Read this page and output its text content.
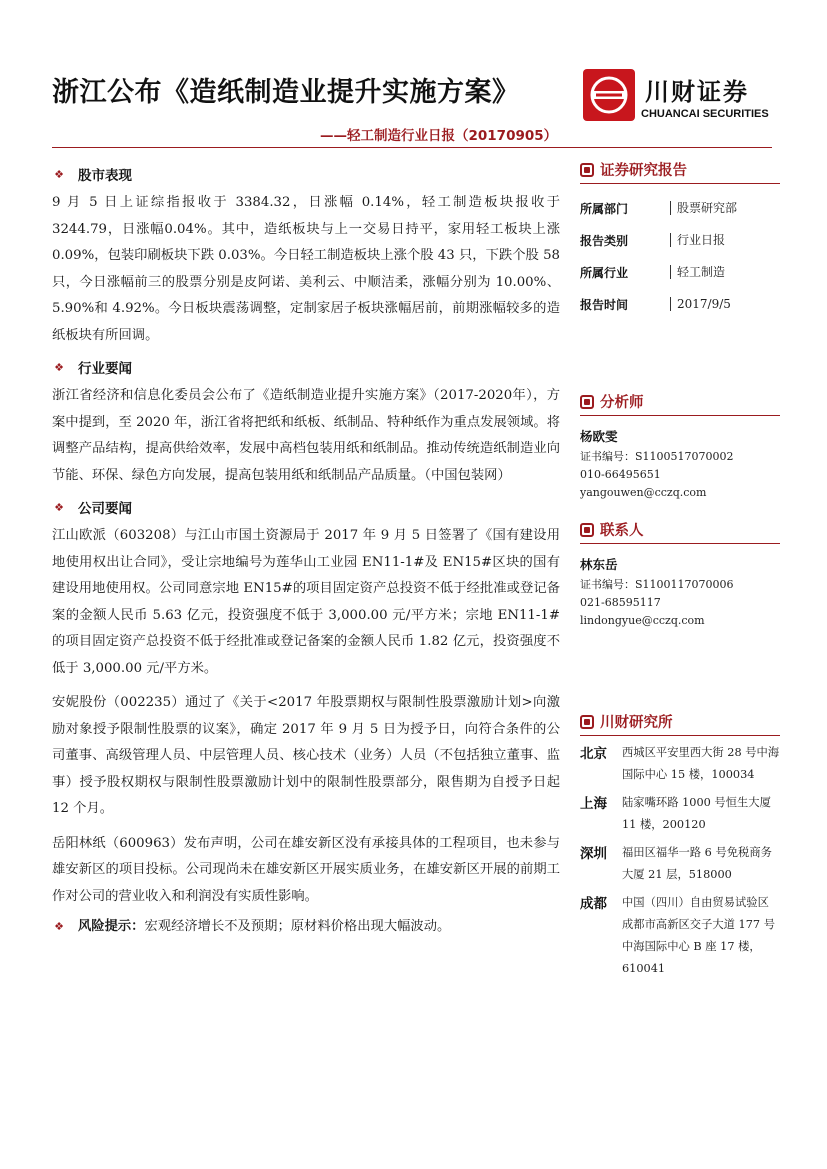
浙江公布《造纸制造业提升实施方案》
——轻工制造行业日报（20170905）
川财证券
CHUANCAI SECURITIES
❖ 股市表现

9 月 5 日上证综指报收于 3384.32，日涨幅 0.14%，轻工制造板块报收于 3244.79，日涨幅0.04%。其中，造纸板块与上一交易日持平，家用轻工板块上涨 0.09%，包装印刷板块下跌 0.03%。今日轻工制造板块上涨个股 43 只，下跌个股 58 只，今日涨幅前三的股票分别是皮阿诺、美利云、中顺洁柔，涨幅分别为 10.00%、5.90%和 4.92%。今日板块震荡调整，定制家居子板块涨幅居前，前期涨幅较多的造纸板块有所回调。

❖ 行业要闻

浙江省经济和信息化委员会公布了《造纸制造业提升实施方案》（2017-2020年），方案中提到，至 2020 年，浙江省将把纸和纸板、纸制品、特种纸作为重点发展领域。将调整产品结构，提高供给效率，发展中高档包装用纸和纸制品。推动传统造纸制造业向节能、环保、绿色方向发展，提高包装用纸和纸制品产品质量。（中国包装网）

❖ 公司要闻

江山欧派（603208）与江山市国土资源局于 2017 年 9 月 5 日签署了《国有建设用地使用权出让合同》，受让宗地编号为莲华山工业园 EN11-1#及 EN15#区块的国有建设用地使用权。公司同意宗地 EN15#的项目固定资产总投资不低于经批准或登记备案的金额人民币 5.63 亿元，投资强度不低于 3,000.00 元/平方米；宗地 EN11-1#的项目固定资产总投资不低于经批准或登记备案的金额人民币 1.82 亿元，投资强度不低于 3,000.00 元/平方米。

安妮股份（002235）通过了《关于<2017 年股票期权与限制性股票激励计划>向激励对象授予限制性股票的议案》，确定 2017 年 9 月 5 日为授予日，向符合条件的公司董事、高级管理人员、中层管理人员、核心技术（业务）人员（不包括独立董事、监事）授予股权期权与限制性股票激励计划中的限制性股票部分，限售期为自授予日起 12 个月。

岳阳林纸（600963）发布声明，公司在雄安新区没有承接具体的工程项目，也未参与雄安新区的项目投标。公司现尚未在雄安新区开展实质业务，在雄安新区开展的前期工作对公司的营业收入和利润没有实质性影响。

❖ 风险提示： 宏观经济增长不及预期；原材料价格出现大幅波动。
证券研究报告
所属部门	股票研究部
报告类别	行业日报
所属行业	轻工制造
报告时间	2017/9/5
分析师
杨欧雯
证书编号：S1100517070002
010-66495651
yangouwen@cczq.com
联系人
林东岳
证书编号：S1100117070006
021-68595117
lindongyue@cczq.com
川财研究所
北京	西城区平安里西大街 28 号中海国际中心 15 楼，100034
上海	陆家嘴环路 1000 号恒生大厦 11 楼，200120
深圳	福田区福华一路 6 号免税商务大厦 21 层，518000
成都	中国（四川）自由贸易试验区成都市高新区交子大道 177 号中海国际中心 B 座 17 楼，610041
